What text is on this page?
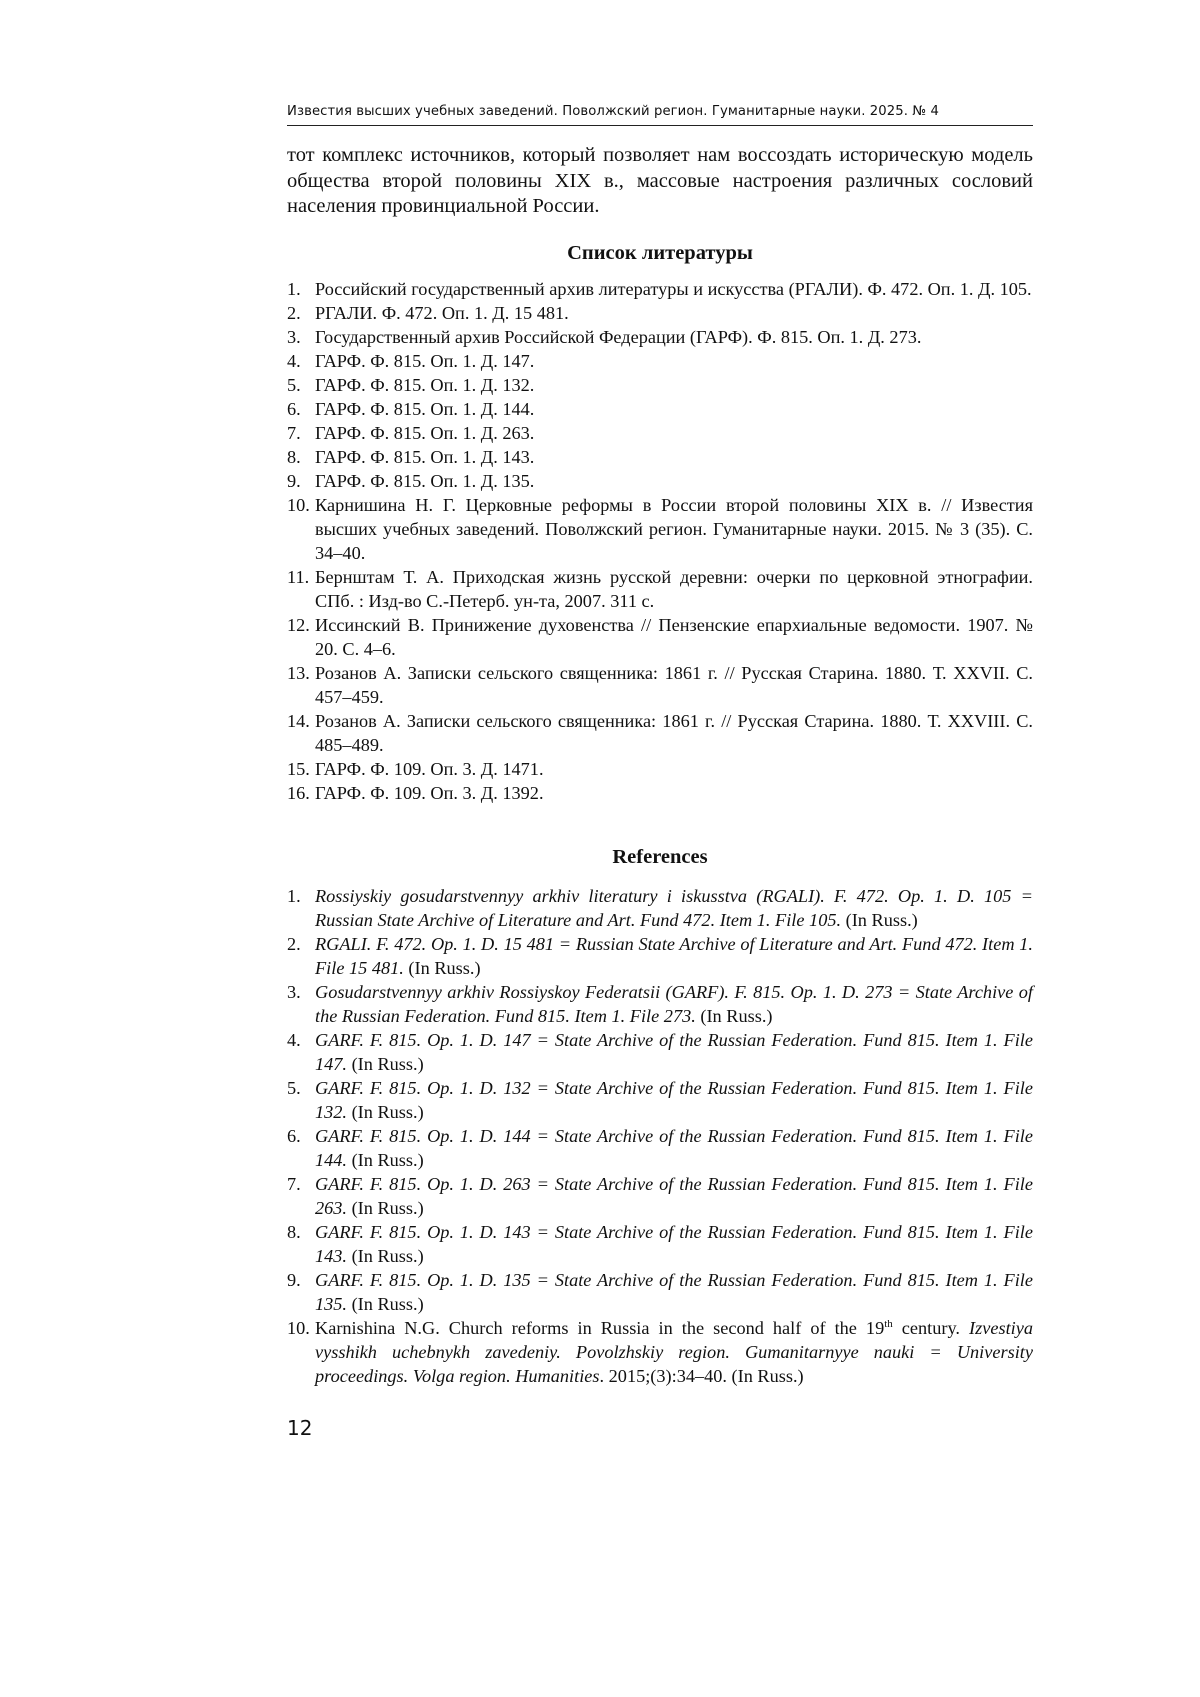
Известия высших учебных заведений. Поволжский регион. Гуманитарные науки. 2025. № 4

тот комплекс источников, который позволяет нам воссоздать историческую модель общества второй половины XIX в., массовые настроения различных сословий населения провинциальной России.

Список литературы
1. Российский государственный архив литературы и искусства (РГАЛИ). Ф. 472. Оп. 1. Д. 105.
2. РГАЛИ. Ф. 472. Оп. 1. Д. 15 481.
3. Государственный архив Российской Федерации (ГАРФ). Ф. 815. Оп. 1. Д. 273.
4. ГАРФ. Ф. 815. Оп. 1. Д. 147.
5. ГАРФ. Ф. 815. Оп. 1. Д. 132.
6. ГАРФ. Ф. 815. Оп. 1. Д. 144.
7. ГАРФ. Ф. 815. Оп. 1. Д. 263.
8. ГАРФ. Ф. 815. Оп. 1. Д. 143.
9. ГАРФ. Ф. 815. Оп. 1. Д. 135.
10. Карнишина Н. Г. Церковные реформы в России второй половины XIX в. // Известия высших учебных заведений. Поволжский регион. Гуманитарные науки. 2015. № 3 (35). С. 34–40.
11. Бернштам Т. А. Приходская жизнь русской деревни: очерки по церковной этнографии. СПб. : Изд-во С.-Петерб. ун-та, 2007. 311 с.
12. Иссинский В. Принижение духовенства // Пензенские епархиальные ведомости. 1907. № 20. С. 4–6.
13. Розанов А. Записки сельского священника: 1861 г. // Русская Старина. 1880. Т. XXVII. С. 457–459.
14. Розанов А. Записки сельского священника: 1861 г. // Русская Старина. 1880. Т. XXVIII. С. 485–489.
15. ГАРФ. Ф. 109. Оп. 3. Д. 1471.
16. ГАРФ. Ф. 109. Оп. 3. Д. 1392.
References
1. Rossiyskiy gosudarstvennyy arkhiv literatury i iskusstva (RGALI). F. 472. Op. 1. D. 105 = Russian State Archive of Literature and Art. Fund 472. Item 1. File 105. (In Russ.)
2. RGALI. F. 472. Op. 1. D. 15 481 = Russian State Archive of Literature and Art. Fund 472. Item 1. File 15 481. (In Russ.)
3. Gosudarstvennyy arkhiv Rossiyskoy Federatsii (GARF). F. 815. Op. 1. D. 273 = State Archive of the Russian Federation. Fund 815. Item 1. File 273. (In Russ.)
4. GARF. F. 815. Op. 1. D. 147 = State Archive of the Russian Federation. Fund 815. Item 1. File 147. (In Russ.)
5. GARF. F. 815. Op. 1. D. 132 = State Archive of the Russian Federation. Fund 815. Item 1. File 132. (In Russ.)
6. GARF. F. 815. Op. 1. D. 144 = State Archive of the Russian Federation. Fund 815. Item 1. File 144. (In Russ.)
7. GARF. F. 815. Op. 1. D. 263 = State Archive of the Russian Federation. Fund 815. Item 1. File 263. (In Russ.)
8. GARF. F. 815. Op. 1. D. 143 = State Archive of the Russian Federation. Fund 815. Item 1. File 143. (In Russ.)
9. GARF. F. 815. Op. 1. D. 135 = State Archive of the Russian Federation. Fund 815. Item 1. File 135. (In Russ.)
10. Karnishina N.G. Church reforms in Russia in the second half of the 19th century. Izvestiya vysshikh uchebnykh zavedeniy. Povolzhskiy region. Gumanitarnyye nauki = University proceedings. Volga region. Humanities. 2015;(3):34–40. (In Russ.)
12
